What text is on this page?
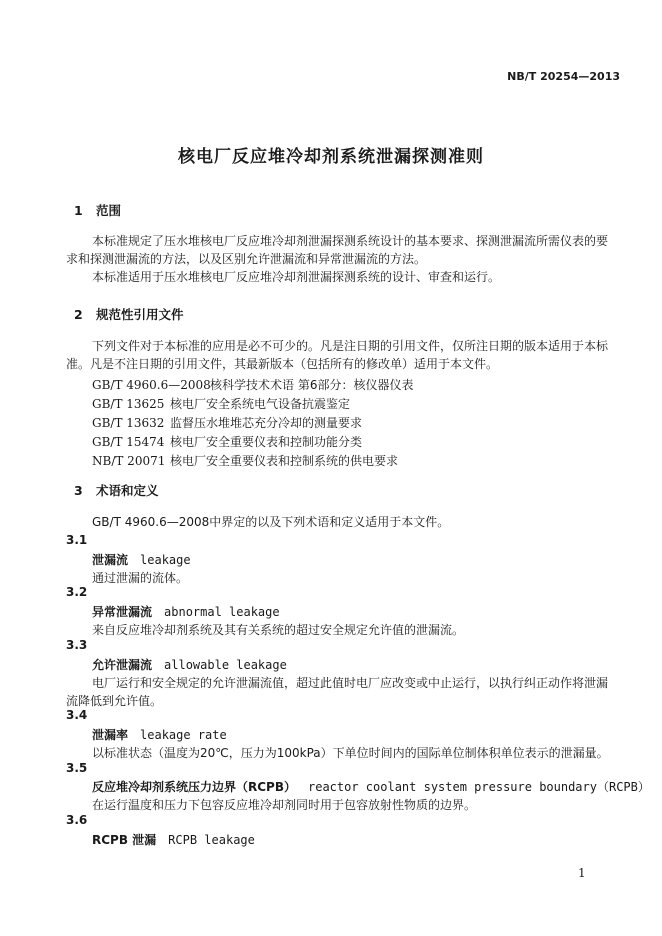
NB/T 20254—2013
核电厂反应堆冷却剂系统泄漏探测准则
1 范围
本标准规定了压水堆核电厂反应堆冷却剂泄漏探测系统设计的基本要求、探测泄漏流所需仪表的要
求和探测泄漏流的方法，以及区别允许泄漏流和异常泄漏流的方法。
本标准适用于压水堆核电厂反应堆冷却剂泄漏探测系统的设计、审查和运行。
2 规范性引用文件
下列文件对于本标准的应用是必不可少的。凡是注日期的引用文件，仅所注日期的版本适用于本标
准。凡是不注日期的引用文件，其最新版本（包括所有的修改单）适用于本文件。
GB/T 4960.6—2008核科学技术术语 第6部分：核仪器仪表
GB/T 13625 核电厂安全系统电气设备抗震鉴定
GB/T 13632 监督压水堆堆芯充分冷却的测量要求
GB/T 15474 核电厂安全重要仪表和控制功能分类
NB/T 20071 核电厂安全重要仪表和控制系统的供电要求
3 术语和定义
GB/T 4960.6—2008中界定的以及下列术语和定义适用于本文件。
3.1
泄漏流 leakage
通过泄漏的流体。
3.2
异常泄漏流 abnormal leakage
来自反应堆冷却剂系统及其有关系统的超过安全规定允许值的泄漏流。
3.3
允许泄漏流 allowable leakage
电厂运行和安全规定的允许泄漏流值，超过此值时电厂应改变或中止运行，以执行纠正动作将泄漏
流降低到允许值。
3.4
泄漏率 leakage rate
以标准状态（温度为20℃，压力为100kPa）下单位时间内的国际单位制体积单位表示的泄漏量。
3.5
反应堆冷却剂系统压力边界（RCPB） reactor coolant system pressure boundary（RCPB）
在运行温度和压力下包容反应堆冷却剂同时用于包容放射性物质的边界。
3.6
RCPB 泄漏 RCPB leakage
1
